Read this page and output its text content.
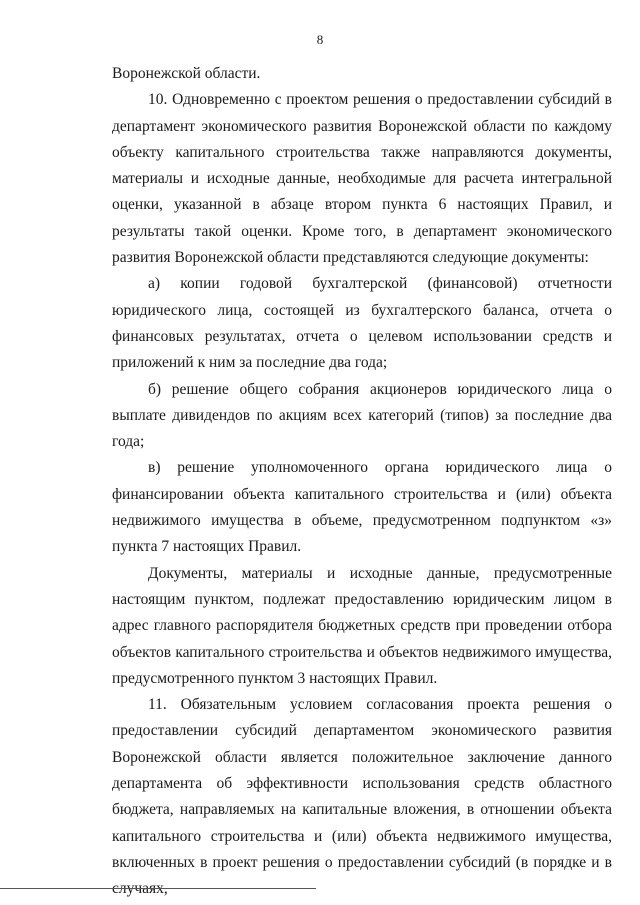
8

Воронежской области.

10. Одновременно с проектом решения о предоставлении субсидий в департамент экономического развития Воронежской области по каждому объекту капитального строительства также направляются документы, материалы и исходные данные, необходимые для расчета интегральной оценки, указанной в абзаце втором пункта 6 настоящих Правил, и результаты такой оценки. Кроме того, в департамент экономического развития Воронежской области представляются следующие документы:

а) копии годовой бухгалтерской (финансовой) отчетности юридического лица, состоящей из бухгалтерского баланса, отчета о финансовых результатах, отчета о целевом использовании средств и приложений к ним за последние два года;

б) решение общего собрания акционеров юридического лица о выплате дивидендов по акциям всех категорий (типов) за последние два года;

в) решение уполномоченного органа юридического лица о финансировании объекта капитального строительства и (или) объекта недвижимого имущества в объеме, предусмотренном подпунктом «з» пункта 7 настоящих Правил.

Документы, материалы и исходные данные, предусмотренные настоящим пунктом, подлежат предоставлению юридическим лицом в адрес главного распорядителя бюджетных средств при проведении отбора объектов капитального строительства и объектов недвижимого имущества, предусмотренного пунктом 3 настоящих Правил.

11. Обязательным условием согласования проекта решения о предоставлении субсидий департаментом экономического развития Воронежской области является положительное заключение данного департамента об эффективности использования средств областного бюджета, направляемых на капитальные вложения, в отношении объекта капитального строительства и (или) объекта недвижимого имущества, включенных в проект решения о предоставлении субсидий (в порядке и в случаях,
